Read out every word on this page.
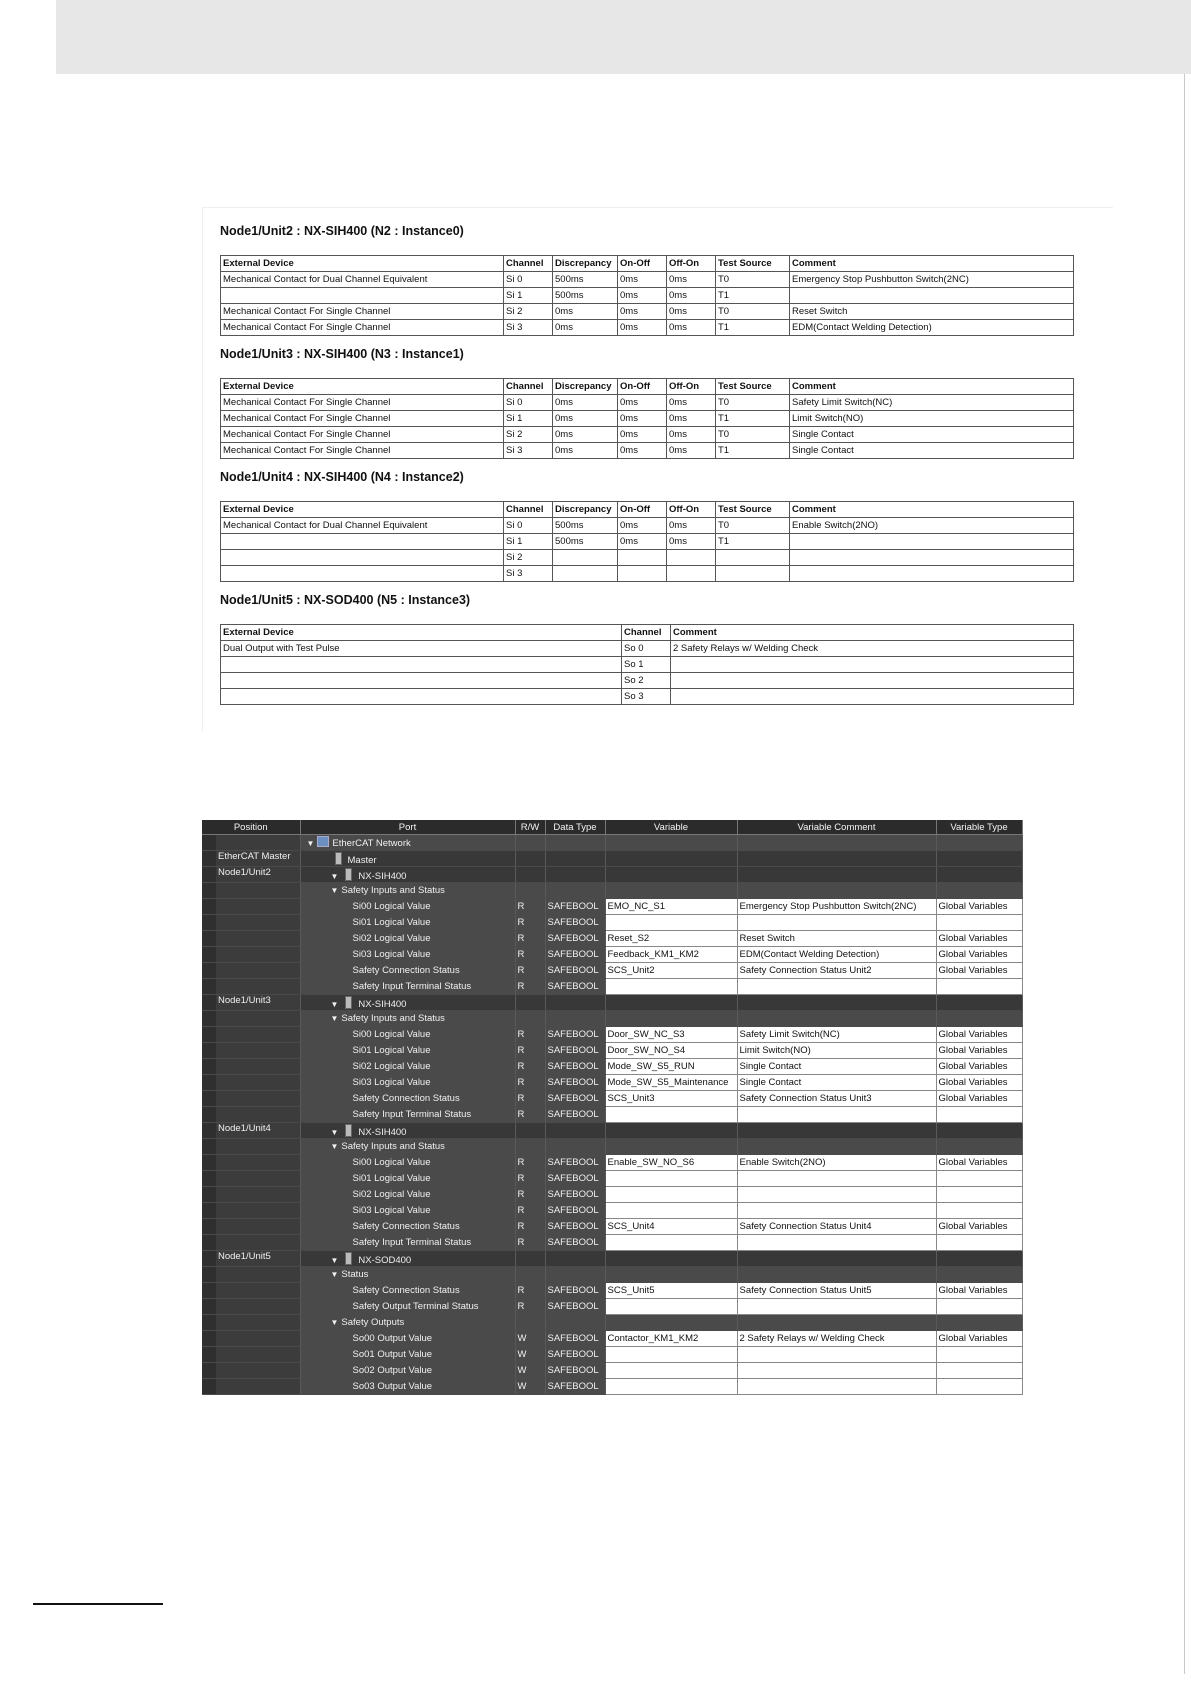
Node1/Unit2 : NX-SIH400 (N2 : Instance0)
External Device	Channel	Discrepancy	On-Off	Off-On	Test Source	Comment
Mechanical Contact for Dual Channel Equivalent	Si 0	500ms	0ms	0ms	T0	Emergency Stop Pushbutton Switch(2NC)
	Si 1	500ms	0ms	0ms	T1	
Mechanical Contact For Single Channel	Si 2	0ms	0ms	0ms	T0	Reset Switch
Mechanical Contact For Single Channel	Si 3	0ms	0ms	0ms	T1	EDM(Contact Welding Detection)
Node1/Unit3 : NX-SIH400 (N3 : Instance1)
External Device	Channel	Discrepancy	On-Off	Off-On	Test Source	Comment
Mechanical Contact For Single Channel	Si 0	0ms	0ms	0ms	T0	Safety Limit Switch(NC)
Mechanical Contact For Single Channel	Si 1	0ms	0ms	0ms	T1	Limit Switch(NO)
Mechanical Contact For Single Channel	Si 2	0ms	0ms	0ms	T0	Single Contact
Mechanical Contact For Single Channel	Si 3	0ms	0ms	0ms	T1	Single Contact
Node1/Unit4 : NX-SIH400 (N4 : Instance2)
External Device	Channel	Discrepancy	On-Off	Off-On	Test Source	Comment
Mechanical Contact for Dual Channel Equivalent	Si 0	500ms	0ms	0ms	T0	Enable Switch(2NO)
	Si 1	500ms	0ms	0ms	T1	
	Si 2					
	Si 3					
Node1/Unit5 : NX-SOD400 (N5 : Instance3)
External Device	Channel	Comment
Dual Output with Test Pulse	So 0	2 Safety Relays w/ Welding Check
	So 1	
	So 2	
	So 3	
Position	Port	R/W	Data Type	Variable	Variable Comment	Variable Type
	▼ EtherCAT Network					
EtherCAT Master	Master					
Node1/Unit2	▼ NX-SIH400					
	▼ Safety Inputs and Status					
	Si00 Logical Value	R	SAFEBOOL	EMO_NC_S1	Emergency Stop Pushbutton Switch(2NC)	Global Variables
	Si01 Logical Value	R	SAFEBOOL			
	Si02 Logical Value	R	SAFEBOOL	Reset_S2	Reset Switch	Global Variables
	Si03 Logical Value	R	SAFEBOOL	Feedback_KM1_KM2	EDM(Contact Welding Detection)	Global Variables
	Safety Connection Status	R	SAFEBOOL	SCS_Unit2	Safety Connection Status Unit2	Global Variables
	Safety Input Terminal Status	R	SAFEBOOL			
Node1/Unit3	▼ NX-SIH400					
	▼ Safety Inputs and Status					
	Si00 Logical Value	R	SAFEBOOL	Door_SW_NC_S3	Safety Limit Switch(NC)	Global Variables
	Si01 Logical Value	R	SAFEBOOL	Door_SW_NO_S4	Limit Switch(NO)	Global Variables
	Si02 Logical Value	R	SAFEBOOL	Mode_SW_S5_RUN	Single Contact	Global Variables
	Si03 Logical Value	R	SAFEBOOL	Mode_SW_S5_Maintenance	Single Contact	Global Variables
	Safety Connection Status	R	SAFEBOOL	SCS_Unit3	Safety Connection Status Unit3	Global Variables
	Safety Input Terminal Status	R	SAFEBOOL			
Node1/Unit4	▼ NX-SIH400					
	▼ Safety Inputs and Status					
	Si00 Logical Value	R	SAFEBOOL	Enable_SW_NO_S6	Enable Switch(2NO)	Global Variables
	Si01 Logical Value	R	SAFEBOOL			
	Si02 Logical Value	R	SAFEBOOL			
	Si03 Logical Value	R	SAFEBOOL			
	Safety Connection Status	R	SAFEBOOL	SCS_Unit4	Safety Connection Status Unit4	Global Variables
	Safety Input Terminal Status	R	SAFEBOOL			
Node1/Unit5	▼ NX-SOD400					
	▼ Status					
	Safety Connection Status	R	SAFEBOOL	SCS_Unit5	Safety Connection Status Unit5	Global Variables
	Safety Output Terminal Status	R	SAFEBOOL			
	▼ Safety Outputs					
	So00 Output Value	W	SAFEBOOL	Contactor_KM1_KM2	2 Safety Relays w/ Welding Check	Global Variables
	So01 Output Value	W	SAFEBOOL			
	So02 Output Value	W	SAFEBOOL			
	So03 Output Value	W	SAFEBOOL			
